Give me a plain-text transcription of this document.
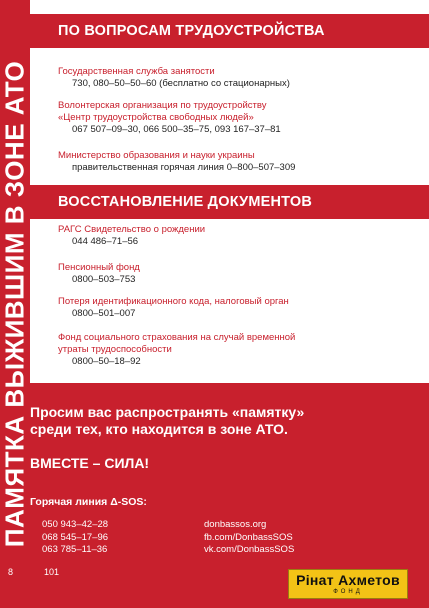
ПАМЯТКА ВЫЖИВШИМ В ЗОНЕ АТО
ПО ВОПРОСАМ ТРУДОУСТРОЙСТВА
Государственная служба занятости
730, 080–50–50–60 (бесплатно со стационарных)
Волонтерская организация по трудоустройству
«Центр трудоустройства свободных людей»
067 507–09–30, 066 500–35–75, 093 167–37–81
Министерство образования и науки украины
правительственная горячая линия 0–800–507–309
ВОССТАНОВЛЕНИЕ ДОКУМЕНТОВ
РАГС Свидетельство о рождении
044 486–71–56
Пенсионный фонд
0800–503–753
Потеря идентификационного кода, налоговый орган
0800–501–007
Фонд социального страхования на случай временной
утраты трудоспособности
0800–50–18–92
Просим вас распространять «памятку»
среди тех, кто находится в зоне АТО.
ВМЕСТЕ – СИЛА!
Горячая линия Δ-SOS:
050 943–42–28
068 545–17–96
063 785–11–36
donbassos.org
fb.com/DonbassSOS
vk.com/DonbassSOS
8	101	Рінат Ахметов
ФОНД
